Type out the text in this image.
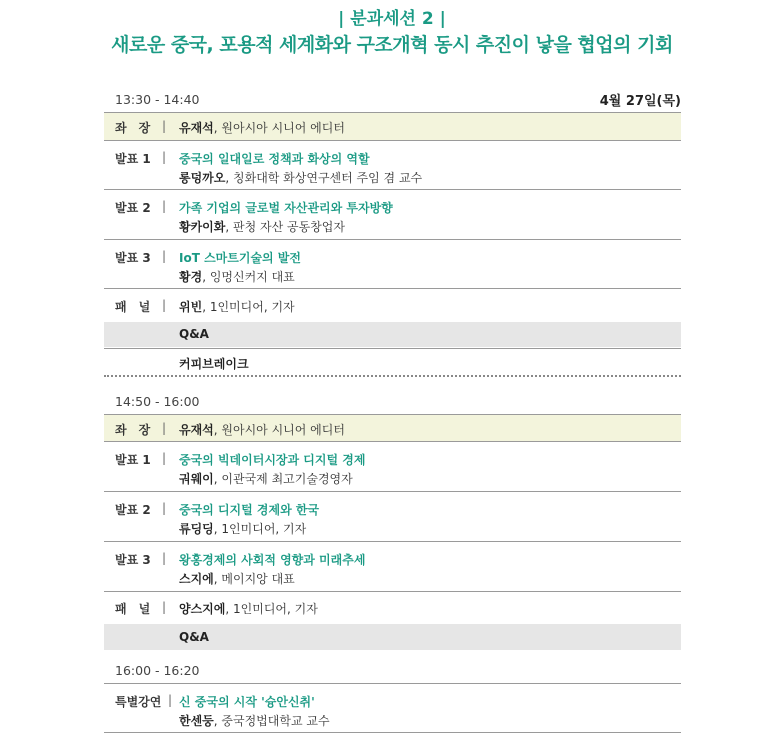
| 분과세션 2 |
새로운 중국, 포용적 세계화와 구조개혁 동시 추진이 낳을 협업의 기회
13:30 - 14:40	4월 27일(목)
좌　장 | 유재석, 원아시아 시니어 에디터
발표 1 | 중국의 일대일로 정책과 화상의 역할
롱덩까오, 칭화대학 화상연구센터 주임 겸 교수
발표 2 | 가족 기업의 글로벌 자산관리와 투자방향
황카이화, 판청 자산 공동창업자
발표 3 | IoT 스마트기술의 발전
황경, 잉멍신커지 대표
패　널 | 위빈, 1인미디어, 기자
Q&A
커피브레이크
14:50 - 16:00
좌　장 | 유재석, 원아시아 시니어 에디터
발표 1 | 중국의 빅데이터시장과 디지털 경제
궈웨이, 이관국제 최고기술경영자
발표 2 | 중국의 디지털 경제와 한국
류딩딩, 1인미디어, 기자
발표 3 | 왕홍경제의 사회적 영향과 미래추세
스지에, 메이지앙 대표
패　널 | 양스지에, 1인미디어, 기자
Q&A
16:00 - 16:20
특별강연 | 신 중국의 시작 '슝안신취'
한센둥, 중국정법대학교 교수
